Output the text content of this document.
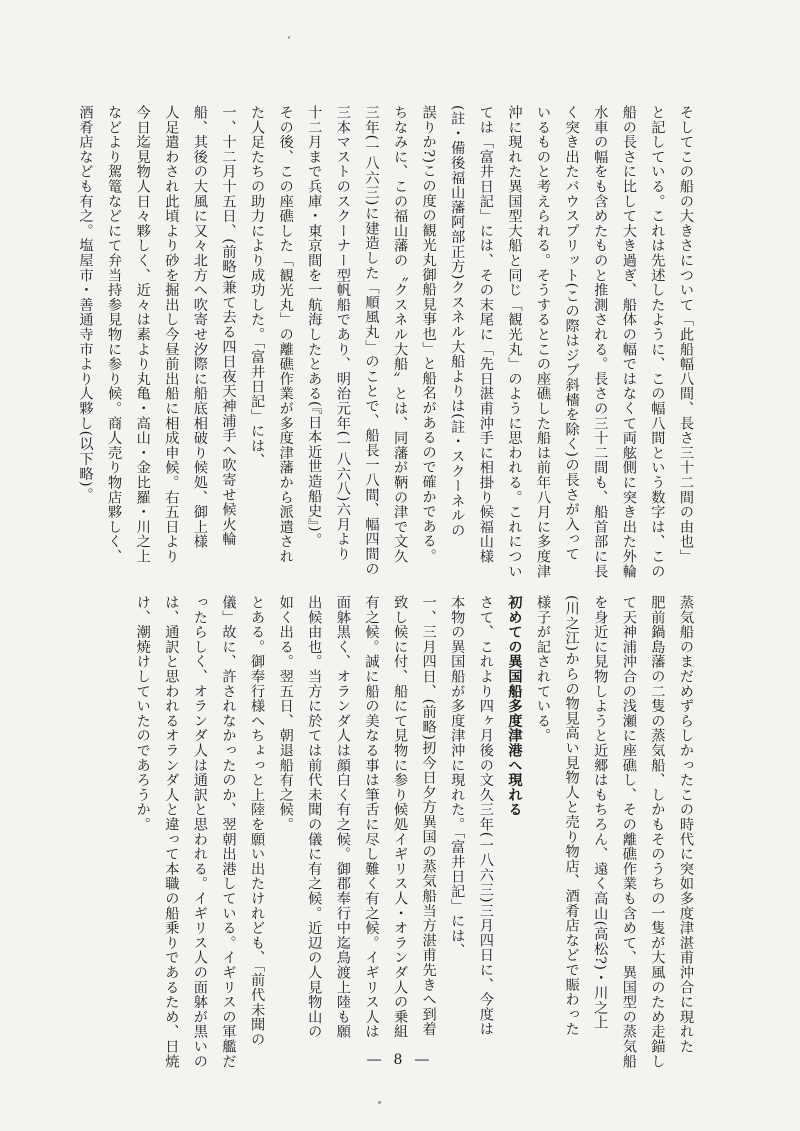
そしてこの船の大きさについて「此船幅八間、長さ三十二間の由也」

と記している。これは先述したように、この幅八間という数字は、この

船の長さに比して大き過ぎ、船体の幅ではなくて両舷側に突き出た外輪

水車の幅をも含めたものと推測される。長さの三十二間も、船首部に長

く突き出たバウスプリット(この際はジブ斜檣を除く)の長さが入って

いるものと考えられる。そうするとこの座礁した船は前年八月に多度津

沖に現れた異国型大船と同じ「観光丸」のように思われる。これについ

ては「富井日記」には、その末尾に「先日湛甫沖手に相掛り候福山様

(註・備後福山藩阿部正方)クスネル大船よりは(註・スクーネルの

誤りか?)この度の観光丸御船見事也」と船名があるので確かである。

ちなみに、この福山藩の〝クスネル大船〟とは、同藩が鞆の津で文久

三年(一八六三)に建造した「順風丸」のことで、船長一八間、幅四間の

三本マストのスクーナー型帆船であり、明治元年(一八六八)六月より

十二月まで兵庫・東京間を一航海したとある(『日本近世造船史』)。

その後、この座礁した「観光丸」の離礁作業が多度津藩から派遣され

た人足たちの助力により成功した。「富井日記」には、

一、十二月十五日、(前略)兼て去る四日夜天神浦手へ吹寄せ候火輪

船、其後の大風に又々北方へ吹寄せ汐際に船底相破り候処、御上様

人足遣わされ此頃より砂を掘出し今昼前出船に相成申候。右五日より

今日迄見物人日々夥しく、近々は素より丸亀・高山・金比羅・川之上

などより駕篭などにて弁当持参見物に参り候。商人売り物店夥しく、

酒肴店なども有之。塩屋市・善通寺市より人夥し(以下略)。

蒸気船のまだめずらしかったこの時代に突如多度津湛甫沖合に現れた

肥前鍋島藩の二隻の蒸気船、しかもそのうちの一隻が大風のため走錨し

て天神浦沖合の浅瀬に座礁し、その離礁作業も含めて、異国型の蒸気船

を身近に見物しようと近郷はもちろん、遠く高山(高松?)・川之上

(川之江)からの物見高い見物人と売り物店、酒肴店などで賑わった

様子が記されている。

初めての異国船多度津港へ現れる

さて、これより四ヶ月後の文久三年(一八六三)三月四日に、今度は

本物の異国船が多度津沖に現れた。「富井日記」には、

一、三月四日、(前略)扨今日夕方異国の蒸気船当方湛甫先きへ到着

致し候に付、船にて見物に参り候処イギリス人・オランダ人の乗組

有之候。誠に船の美なる事は筆舌に尽し難く有之候。イギリス人は

面躰黒く、オランダ人は顔白く有之候。御郡奉行中迄鳥渡上陸も願

出候由也。当方に於ては前代未聞の儀に有之候。近辺の人見物山の

如く出る。翌五日、朝退船有之候。

とある。御奉行様へちょっと上陸を願い出たけれども、「前代未聞の

儀」故に、許されなかったのか、翌朝出港している。イギリスの軍艦だ

ったらしく、オランダ人は通訳と思われる。イギリス人の面躰が黒いの

は、通訳と思われるオランダ人と違って本職の船乗りであるため、日焼

け、潮焼けしていたのであろうか。

― 8 ―
